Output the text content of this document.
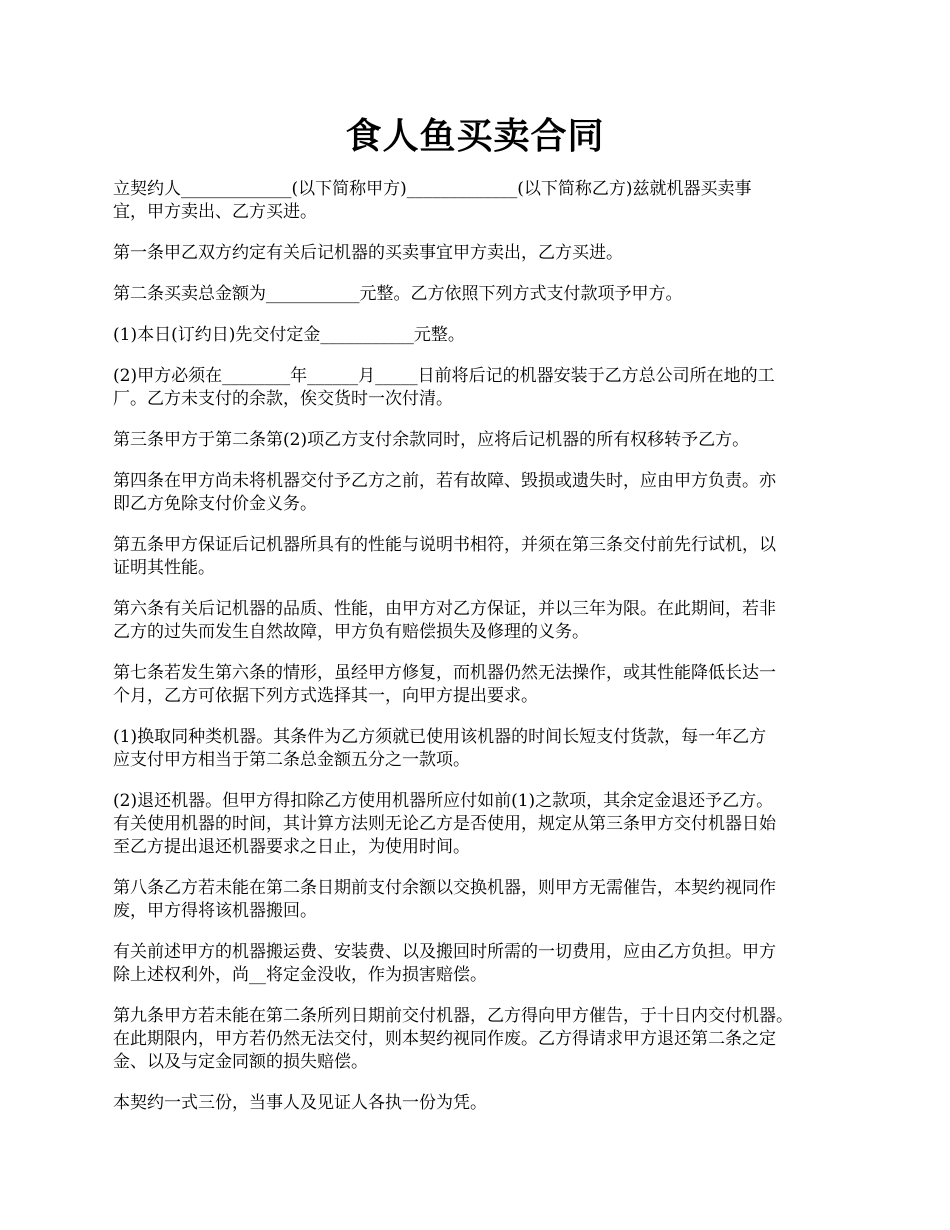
食人鱼买卖合同
立契约人_____________(以下简称甲方)_____________(以下简称乙方)兹就机器买卖事
宜，甲方卖出、乙方买进。
第一条甲乙双方约定有关后记机器的买卖事宜甲方卖出，乙方买进。
第二条买卖总金额为___________元整。乙方依照下列方式支付款项予甲方。
(1)本日(订约日)先交付定金___________元整。
(2)甲方必须在________年______月_____日前将后记的机器安装于乙方总公司所在地的工
厂。乙方未支付的余款，俟交货时一次付清。
第三条甲方于第二条第(2)项乙方支付余款同时，应将后记机器的所有权移转予乙方。
第四条在甲方尚未将机器交付予乙方之前，若有故障、毁损或遗失时，应由甲方负责。亦
即乙方免除支付价金义务。
第五条甲方保证后记机器所具有的性能与说明书相符，并须在第三条交付前先行试机，以
证明其性能。
第六条有关后记机器的品质、性能，由甲方对乙方保证，并以三年为限。在此期间，若非
乙方的过失而发生自然故障，甲方负有赔偿损失及修理的义务。
第七条若发生第六条的情形，虽经甲方修复，而机器仍然无法操作，或其性能降低长达一
个月，乙方可依据下列方式选择其一，向甲方提出要求。
(1)换取同种类机器。其条件为乙方须就已使用该机器的时间长短支付货款，每一年乙方
应支付甲方相当于第二条总金额五分之一款项。
(2)退还机器。但甲方得扣除乙方使用机器所应付如前(1)之款项，其余定金退还予乙方。
有关使用机器的时间，其计算方法则无论乙方是否使用，规定从第三条甲方交付机器日始
至乙方提出退还机器要求之日止，为使用时间。
第八条乙方若未能在第二条日期前支付余额以交换机器，则甲方无需催告，本契约视同作
废，甲方得将该机器搬回。
有关前述甲方的机器搬运费、安装费、以及搬回时所需的一切费用，应由乙方负担。甲方
除上述权利外，尚__将定金没收，作为损害赔偿。
第九条甲方若未能在第二条所列日期前交付机器，乙方得向甲方催告，于十日内交付机器。
在此期限内，甲方若仍然无法交付，则本契约视同作废。乙方得请求甲方退还第二条之定
金、以及与定金同额的损失赔偿。
本契约一式三份，当事人及见证人各执一份为凭。
